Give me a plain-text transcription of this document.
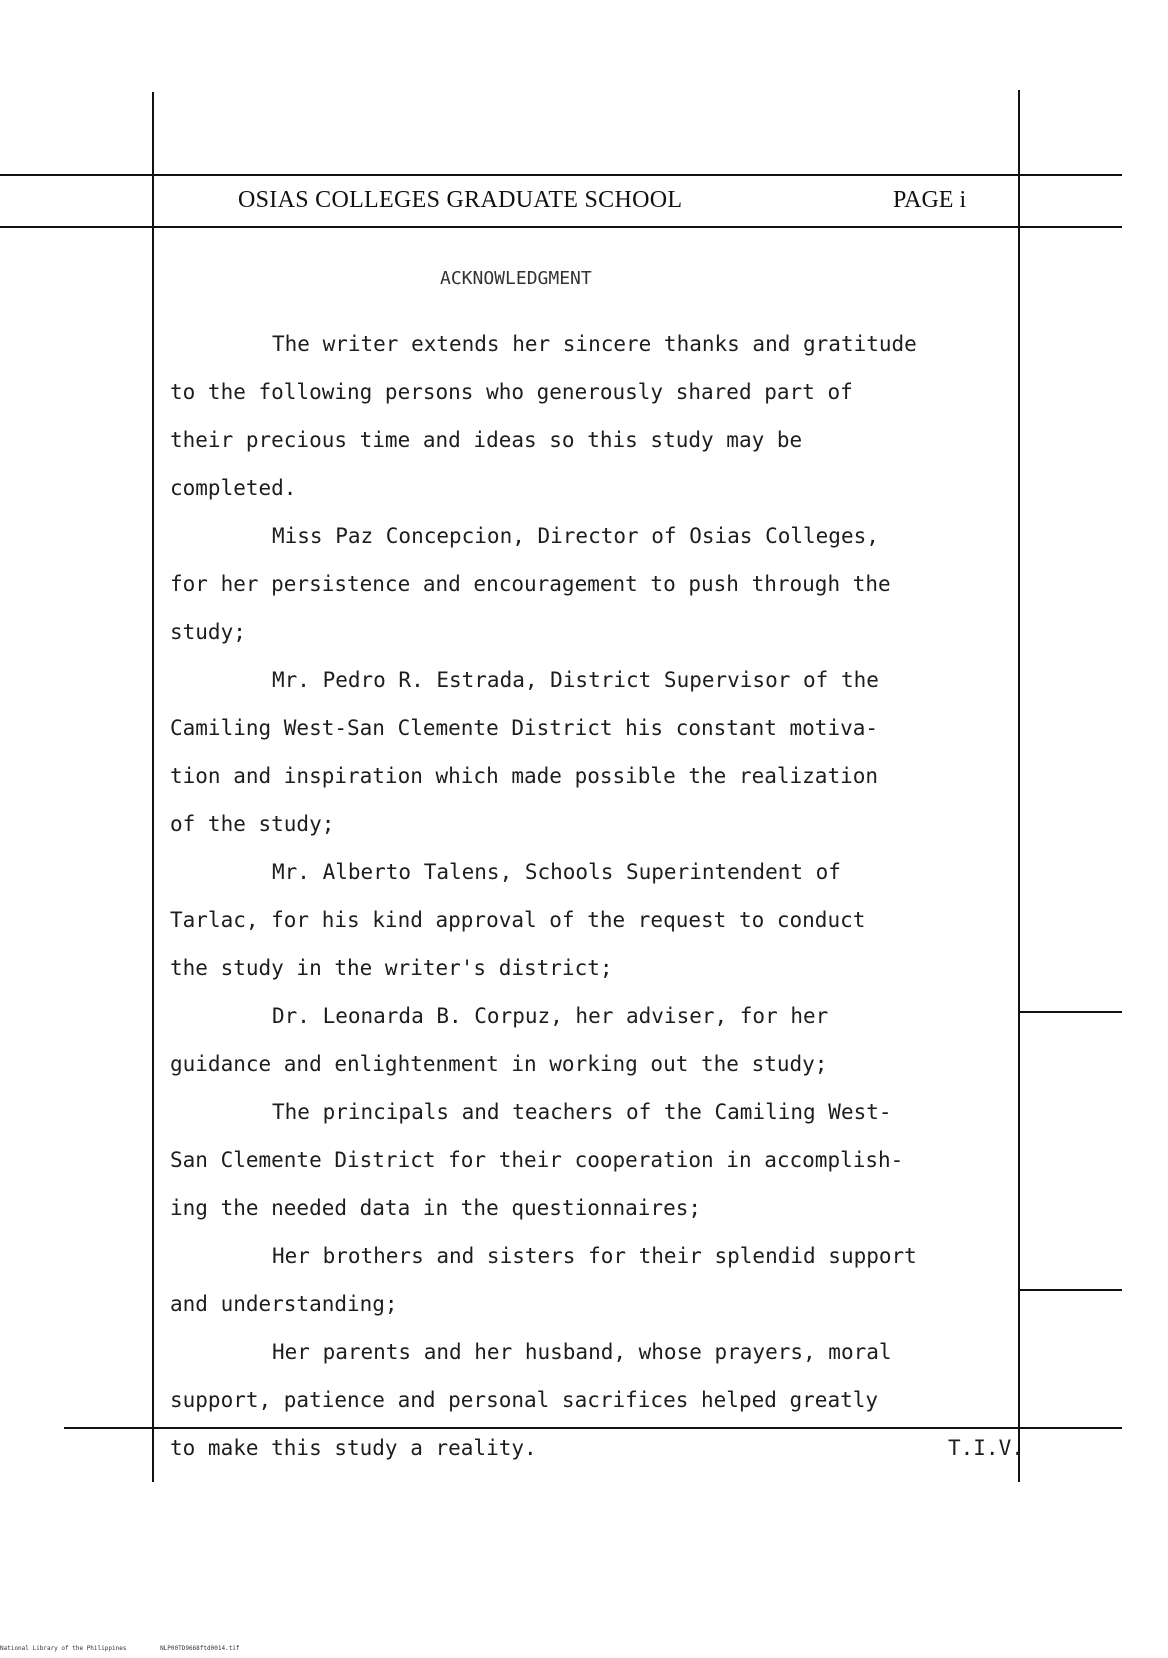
OSIAS COLLEGES GRADUATE SCHOOL	PAGE i
ACKNOWLEDGMENT
The writer extends her sincere thanks and gratitude
to the following persons who generously shared part of
their precious time and ideas so this study may be
completed.
Miss Paz Concepcion, Director of Osias Colleges,
for her persistence and encouragement to push through the
study;
Mr. Pedro R. Estrada, District Supervisor of the
Camiling West-San Clemente District his constant motiva-
tion and inspiration which made possible the realization
of the study;
Mr. Alberto Talens, Schools Superintendent of
Tarlac, for his kind approval of the request to conduct
the study in the writer's district;
Dr. Leonarda B. Corpuz, her adviser, for her
guidance and enlightenment in working out the study;
The principals and teachers of the Camiling West-
San Clemente District for their cooperation in accomplish-
ing the needed data in the questionnaires;
Her brothers and sisters for their splendid support
and understanding;
Her parents and her husband, whose prayers, moral
support, patience and personal sacrifices helped greatly
to make this study a reality.	T.I.V.
National Library of the Philippines	NLP00TD9668ftd0014.tif
